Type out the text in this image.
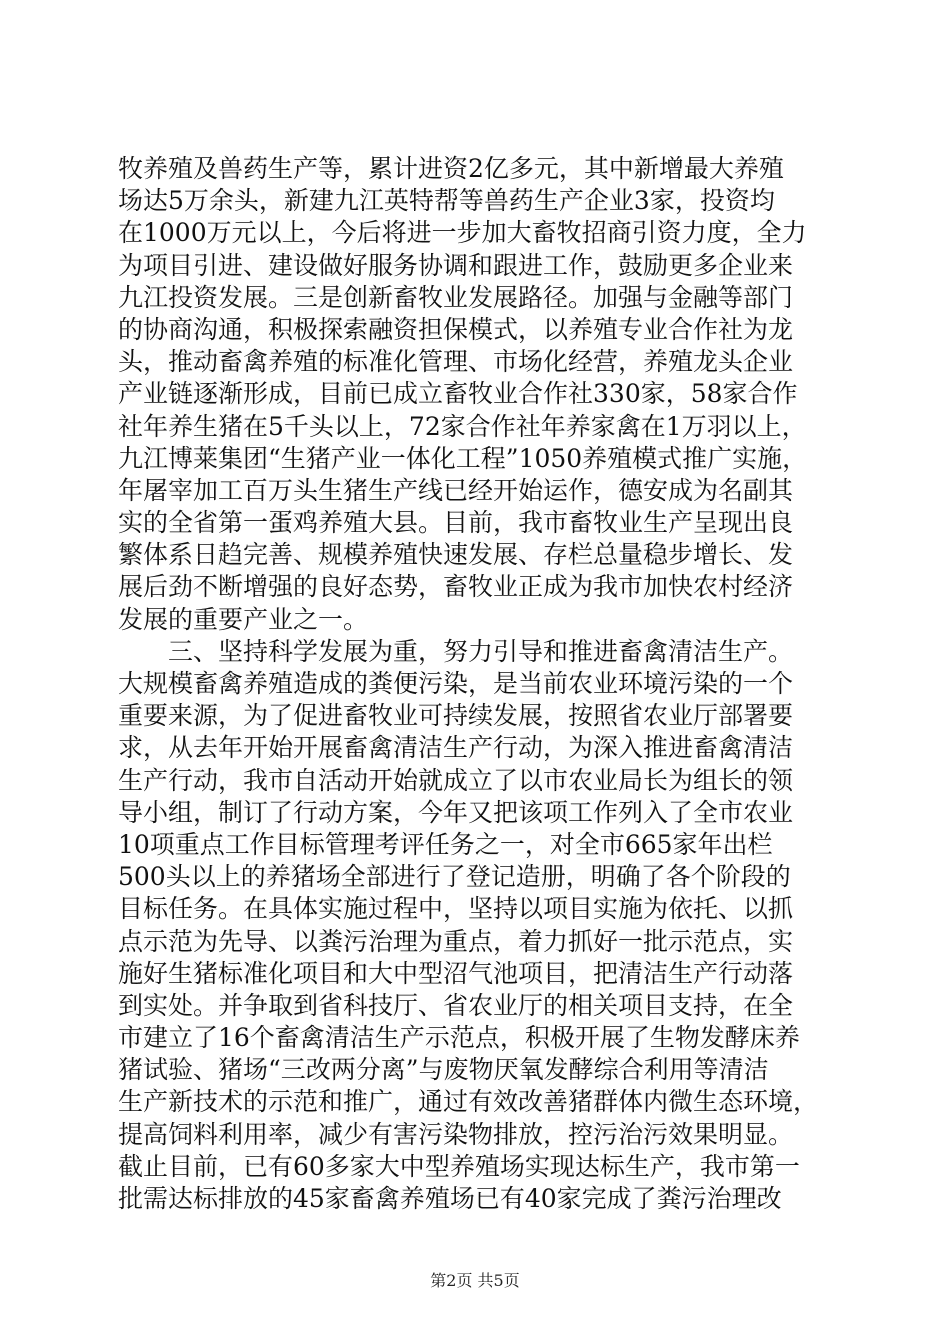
牧养殖及兽药生产等，累计进资2亿多元，其中新增最大养殖
场达5万余头，新建九江英特帮等兽药生产企业3家，投资均
在1000万元以上，今后将进一步加大畜牧招商引资力度，全力
为项目引进、建设做好服务协调和跟进工作，鼓励更多企业来
九江投资发展。三是创新畜牧业发展路径。加强与金融等部门
的协商沟通，积极探索融资担保模式，以养殖专业合作社为龙
头，推动畜禽养殖的标准化管理、市场化经营，养殖龙头企业
产业链逐渐形成，目前已成立畜牧业合作社330家，58家合作
社年养生猪在5千头以上，72家合作社年养家禽在1万羽以上，
九江博莱集团“生猪产业一体化工程”1050养殖模式推广实施，
年屠宰加工百万头生猪生产线已经开始运作，德安成为名副其
实的全省第一蛋鸡养殖大县。目前，我市畜牧业生产呈现出良
繁体系日趋完善、规模养殖快速发展、存栏总量稳步增长、发
展后劲不断增强的良好态势，畜牧业正成为我市加快农村经济
发展的重要产业之一。
　　三、坚持科学发展为重，努力引导和推进畜禽清洁生产。
大规模畜禽养殖造成的粪便污染，是当前农业环境污染的一个
重要来源，为了促进畜牧业可持续发展，按照省农业厅部署要
求，从去年开始开展畜禽清洁生产行动，为深入推进畜禽清洁
生产行动，我市自活动开始就成立了以市农业局长为组长的领
导小组，制订了行动方案，今年又把该项工作列入了全市农业
10项重点工作目标管理考评任务之一，对全市665家年出栏
500头以上的养猪场全部进行了登记造册，明确了各个阶段的
目标任务。在具体实施过程中，坚持以项目实施为依托、以抓
点示范为先导、以粪污治理为重点，着力抓好一批示范点，实
施好生猪标准化项目和大中型沼气池项目，把清洁生产行动落
到实处。并争取到省科技厅、省农业厅的相关项目支持，在全
市建立了16个畜禽清洁生产示范点，积极开展了生物发酵床养
猪试验、猪场“三改两分离”与废物厌氧发酵综合利用等清洁
生产新技术的示范和推广，通过有效改善猪群体内微生态环境，
提高饲料利用率，减少有害污染物排放，控污治污效果明显。
截止目前，已有60多家大中型养殖场实现达标生产，我市第一
批需达标排放的45家畜禽养殖场已有40家完成了粪污治理改
第2页 共5页
